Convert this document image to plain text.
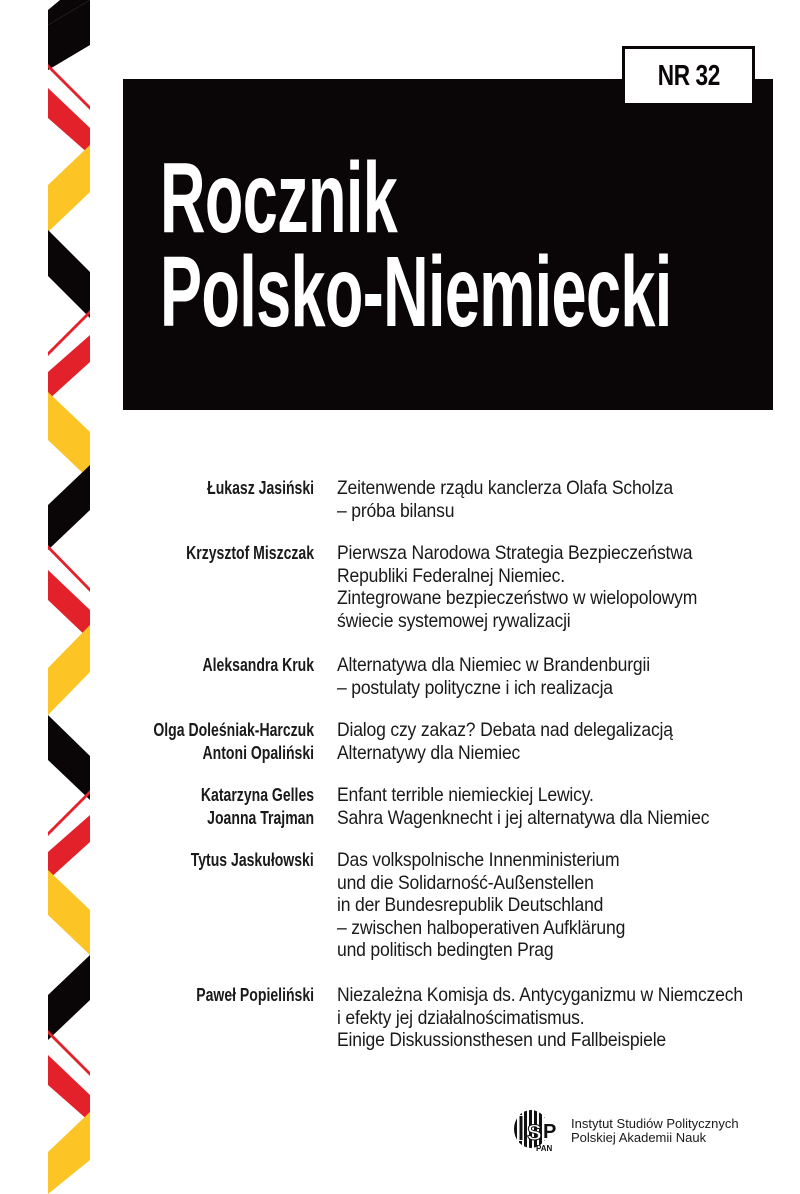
Rocznik
Polsko-Niemiecki
NR 32
Łukasz Jasiński Zeitenwende rządu kanclerza Olafa Scholza
– próba bilansu
Krzysztof Miszczak Pierwsza Narodowa Strategia Bezpieczeństwa
Republiki Federalnej Niemiec.
Zintegrowane bezpieczeństwo w wielopolowym
świecie systemowej rywalizacji
Aleksandra Kruk Alternatywa dla Niemiec w Brandenburgii
– postulaty polityczne i ich realizacja
Olga Doleśniak-Harczuk
Antoni Opaliński
Dialog czy zakaz? Debata nad delegalizacją
Alternatywy dla Niemiec
Katarzyna Gelles
Joanna Trajman
Enfant terrible niemieckiej Lewicy.
Sahra Wagenknecht i jej alternatywa dla Niemiec
Tytus Jaskułowski Das volkspolnische Innenministerium
und die Solidarność-Außenstellen
in der Bundesrepublik Deutschland
– zwischen halboperativen Aufklärung
und politisch bedingten Prag
Paweł Popieliński Niezależna Komisja ds. Antycyganizmu w Niemczech
i efekty jej działalnościmatismus.
Einige Diskussionsthesen und Fallbeispiele
S P
PAN
Instytut Studiów Politycznych
Polskiej Akademii Nauk
